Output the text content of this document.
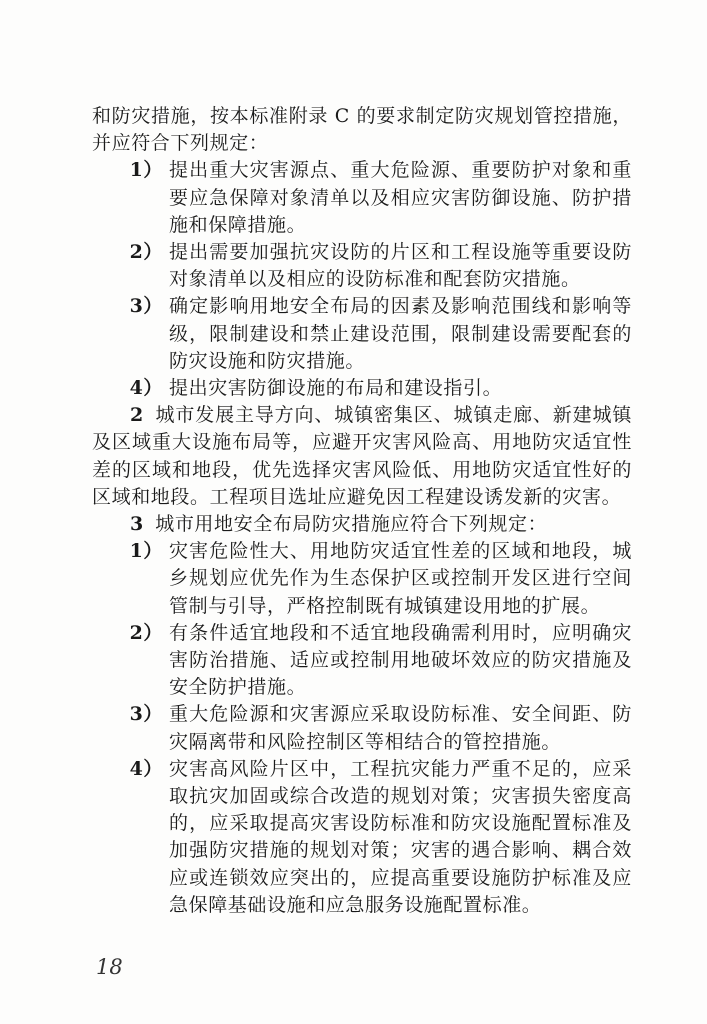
和防灾措施，按本标准附录 C 的要求制定防灾规划管控措施，并应符合下列规定：

1） 提出重大灾害源点、重大危险源、重要防护对象和重要应急保障对象清单以及相应灾害防御设施、防护措施和保障措施。
2） 提出需要加强抗灾设防的片区和工程设施等重要设防对象清单以及相应的设防标准和配套防灾措施。
3） 确定影响用地安全布局的因素及影响范围线和影响等级，限制建设和禁止建设范围，限制建设需要配套的防灾设施和防灾措施。
4） 提出灾害防御设施的布局和建设指引。

2 城市发展主导方向、城镇密集区、城镇走廊、新建城镇及区域重大设施布局等，应避开灾害风险高、用地防灾适宜性差的区域和地段，优先选择灾害风险低、用地防灾适宜性好的区域和地段。工程项目选址应避免因工程建设诱发新的灾害。

3 城市用地安全布局防灾措施应符合下列规定：

1） 灾害危险性大、用地防灾适宜性差的区域和地段，城乡规划应优先作为生态保护区或控制开发区进行空间管制与引导，严格控制既有城镇建设用地的扩展。
2） 有条件适宜地段和不适宜地段确需利用时，应明确灾害防治措施、适应或控制用地破坏效应的防灾措施及安全防护措施。
3） 重大危险源和灾害源应采取设防标准、安全间距、防灾隔离带和风险控制区等相结合的管控措施。
4） 灾害高风险片区中，工程抗灾能力严重不足的，应采取抗灾加固或综合改造的规划对策；灾害损失密度高的，应采取提高灾害设防标准和防灾设施配置标准及加强防灾措施的规划对策；灾害的遇合影响、耦合效应或连锁效应突出的，应提高重要设施防护标准及应急保障基础设施和应急服务设施配置标准。
18
